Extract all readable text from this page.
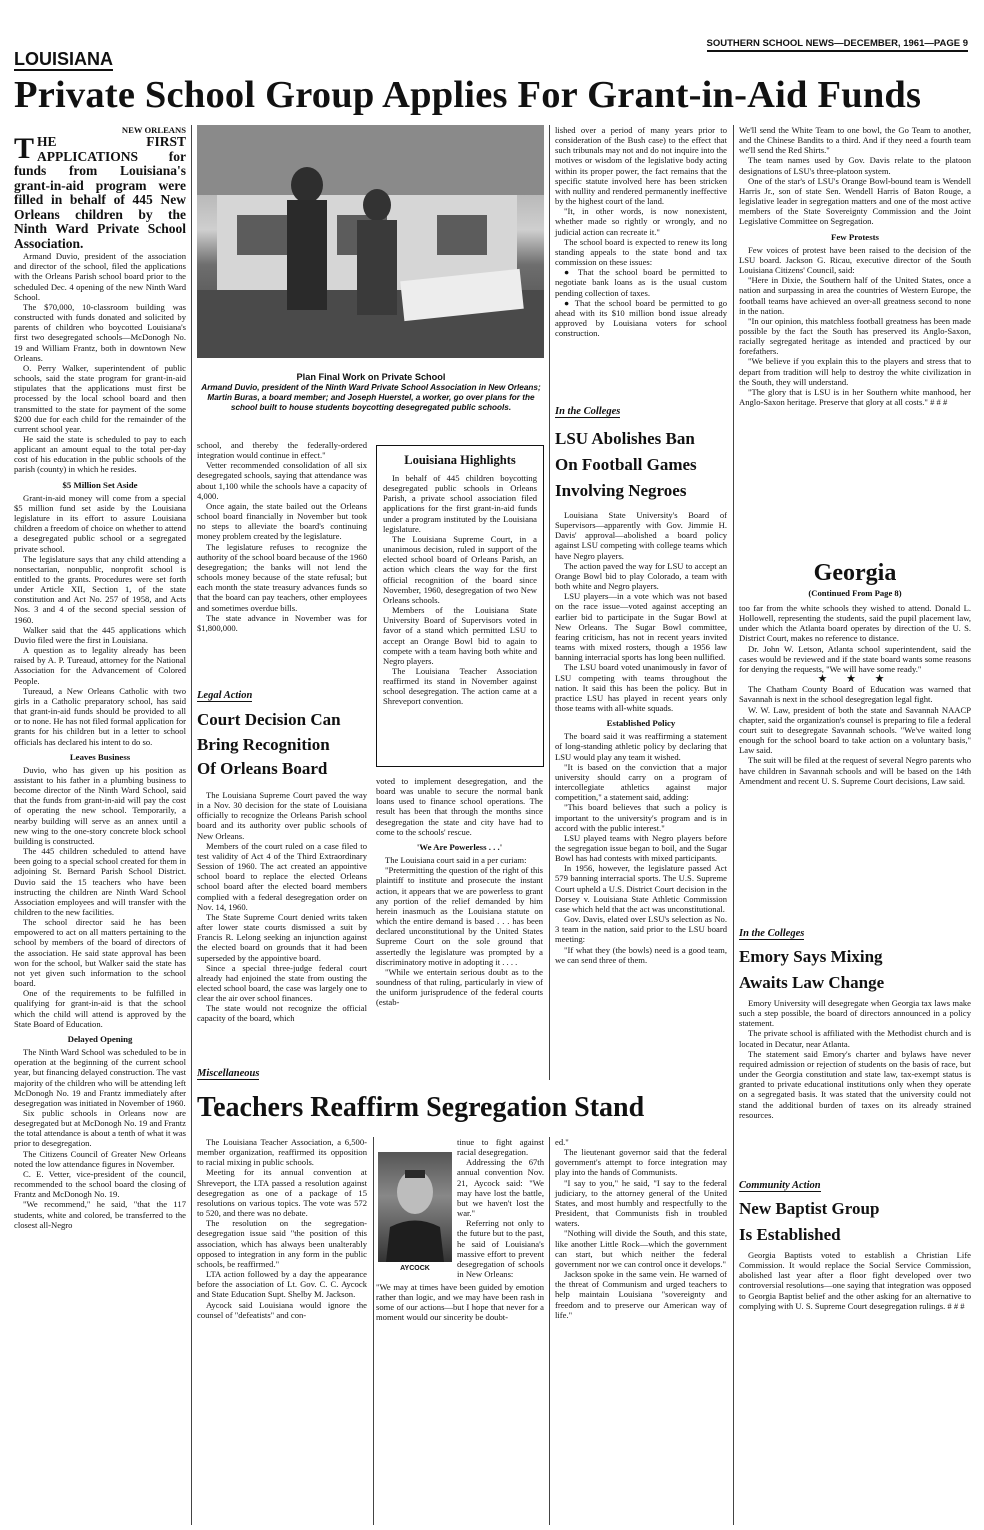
LOUISIANA
SOUTHERN SCHOOL NEWS—DECEMBER, 1961—PAGE 9
Private School Group Applies For Grant-in-Aid Funds
NEW ORLEANS
THE FIRST APPLICATIONS for funds from Louisiana's grant-in-aid program were filled in behalf of 445 New Orleans children by the Ninth Ward Private School Association.

Armand Duvio, president of the association and director of the school, filed the applications with the Orleans Parish school board prior to the scheduled Dec. 4 opening of the new Ninth Ward School.

The $70,000, 10-classroom building was constructed with funds donated and solicited by parents of children who boycotted Louisiana's first two desegregated schools—McDonogh No. 19 and William Frantz, both in downtown New Orleans.

O. Perry Walker, superintendent of public schools, said the state program for grant-in-aid stipulates that the applications must first be processed by the local school board and then transmitted to the state for payment of the some $200 due for each child for the remainder of the current school year.

He said the state is scheduled to pay to each applicant an amount equal to the total per-day cost of his education in the public schools of the parish (county) in which he resides.

$5 Million Set Aside

Grant-in-aid money will come from a special $5 million fund set aside by the Louisiana legislature in its effort to assure Louisiana children a freedom of choice on whether to attend a desegregated public school or a segregated private school.

The legislature says that any child attending a nonsectarian, nonpublic, nonprofit school is entitled to the grants. Procedures were set forth under Article XII, Section 1, of the state constitution and Act No. 257 of 1958, and Acts Nos. 3 and 4 of the second special session of 1960.

Walker said that the 445 applications which Duvio filed were the first in Louisiana.

A question as to legality already has been raised by A. P. Tureaud, attorney for the National Association for the Advancement of Colored People.

Tureaud, a New Orleans Catholic with two girls in a Catholic preparatory school, has said that grant-in-aid funds should be provided to all or to none. He has not filed formal application for grants for his children but in a letter to school officials has declared his intent to do so.

Leaves Business

Duvio, who has given up his position as assistant to his father in a plumbing business to become director of the Ninth Ward School, said that the funds from grant-in-aid will pay the cost of operating the new school. Temporarily, a nearby building will serve as an annex until a new wing to the one-story concrete block school building is constructed.

The 445 children scheduled to attend have been going to a special school created for them in adjoining St. Bernard Parish School District. Duvio said the 15 teachers who have been instructing the children are Ninth Ward School Association employees and will transfer with the children to the new facilities.

The school director said he has been empowered to act on all matters pertaining to the school by members of the board of directors of the association. He said state approval has been won for the school, but Walker said the state has not yet given such information to the school board.

One of the requirements to be fulfilled in qualifying for grant-in-aid is that the school which the child will attend is approved by the State Board of Education.

Delayed Opening

The Ninth Ward School was scheduled to be in operation at the beginning of the current school year, but financing delayed construction. The vast majority of the children who will be attending left McDonogh No. 19 and Frantz immediately after desegregation was initiated in November of 1960.

Six public schools in Orleans now are desegregated but at McDonogh No. 19 and Frantz the total attendance is about a tenth of what it was prior to desegregation.

The Citizens Council of Greater New Orleans noted the low attendance figures in November.

C. E. Vetter, vice-president of the council, recommended to the school board the closing of Frantz and McDonogh No. 19.

"We recommend," he said, "that the 117 students, white and colored, be transferred to the closest all-Negro

Plan Final Work on Private School
Armand Duvio, president of the Ninth Ward Private School Association in New Orleans; Martin Buras, a board member; and Joseph Huerstel, a worker, go over plans for the school built to house students boycotting desegregated public schools.

school, and thereby the federally-ordered integration would continue in effect."

Vetter recommended consolidation of all six desegregated schools, saying that attendance was about 1,100 while the schools have a capacity of 4,000.

Once again, the state bailed out the Orleans school board financially in November but took no steps to alleviate the board's continuing money problem created by the legislature.

The legislature refuses to recognize the authority of the school board because of the 1960 desegregation; the banks will not lend the schools money because of the state refusal; but each month the state treasury advances funds so that the board can pay teachers, other employees and sometimes overdue bills.

The state advance in November was for $1,800,000.

Legal Action
Court Decision Can
Bring Recognition
Of Orleans Board

The Louisiana Supreme Court paved the way in a Nov. 30 decision for the state of Louisiana officially to recognize the Orleans Parish school board and its authority over public schools of New Orleans.

Members of the court ruled on a case filed to test validity of Act 4 of the Third Extraordinary Session of 1960. The act created an appointive school board to replace the elected Orleans school board after the elected board members complied with a federal desegregation order on Nov. 14, 1960.

The State Supreme Court denied writs taken after lower state courts dismissed a suit by Francis R. Lelong seeking an injunction against the elected board on grounds that it had been superseded by the appointive board.

Since a special three-judge federal court already had enjoined the state from ousting the elected school board, the case was largely one to clear the air over school finances.

The state would not recognize the official capacity of the board, which

Louisiana Highlights

In behalf of 445 children boycotting desegregated public schools in Orleans Parish, a private school association filed applications for the first grant-in-aid funds under a program instituted by the Louisiana legislature.

The Louisiana Supreme Court, in a unanimous decision, ruled in support of the elected school board of Orleans Parish, an action which clears the way for the first official recognition of the board since November, 1960, desegregation of two New Orleans schools.

Members of the Louisiana State University Board of Supervisors voted in favor of a stand which permitted LSU to accept an Orange Bowl bid to again to compete with a team having both white and Negro players.

The Louisiana Teacher Association reaffirmed its stand in November against school desegregation. The action came at a Shreveport convention.

voted to implement desegregation, and the board was unable to secure the normal bank loans used to finance school operations. The result has been that through the months since desegregation the state and city have had to come to the schools' rescue.

'We Are Powerless . . .'

The Louisiana court said in a per curiam:

"Pretermitting the question of the right of this plaintiff to institute and prosecute the instant action, it appears that we are powerless to grant any portion of the relief demanded by him herein inasmuch as the Louisiana statute on which the entire demand is based . . . has been declared unconstitutional by the United States Supreme Court on the sole ground that assertedly the legislature was prompted by a discriminatory motive in adopting it . . . .

"While we entertain serious doubt as to the soundness of that ruling, particularly in view of the uniform jurisprudence of the federal courts (estab-

lished over a period of many years prior to consideration of the Bush case) to the effect that such tribunals may not and do not inquire into the motives or wisdom of the legislative body acting within its proper power, the fact remains that the specific statute involved here has been stricken with nullity and rendered permanently ineffective by the highest court of the land.

"It, in other words, is now nonexistent, whether made so rightly or wrongly, and no judicial action can recreate it."

The school board is expected to renew its long standing appeals to the state bond and tax commission on these issues:

● That the school board be permitted to negotiate bank loans as is the usual custom pending collection of taxes.

● That the school board be permitted to go ahead with its $10 million bond issue already approved by Louisiana voters for school construction.

In the Colleges
LSU Abolishes Ban
On Football Games
Involving Negroes

Louisiana State University's Board of Supervisors—apparently with Gov. Jimmie H. Davis' approval—abolished a board policy against LSU competing with college teams which have Negro players.

The action paved the way for LSU to accept an Orange Bowl bid to play Colorado, a team with both white and Negro players.

LSU players—in a vote which was not based on the race issue—voted against accepting an earlier bid to participate in the Sugar Bowl at New Orleans. The Sugar Bowl committee, fearing criticism, has not in recent years invited teams with mixed rosters, though a 1956 law banning interracial sports has long been nullified.

The LSU board voted unanimously in favor of LSU competing with teams throughout the nation. It said this has been the policy. But in practice LSU has played in recent years only those teams with all-white squads.

Established Policy

The board said it was reaffirming a statement of long-standing athletic policy by declaring that LSU would play any team it wished.

"It is based on the conviction that a major university should carry on a program of intercollegiate athletics against major competition," a statement said, adding:

"This board believes that such a policy is important to the university's program and is in accord with the public interest."

LSU played teams with Negro players before the segregation issue began to boil, and the Sugar Bowl has had contests with mixed participants.

In 1956, however, the legislature passed Act 579 banning interracial sports. The U.S. Supreme Court upheld a U.S. District Court decision in the Dorsey v. Louisiana State Athletic Commission case which held that the act was unconstitutional.

Gov. Davis, elated over LSU's selection as No. 3 team in the nation, said prior to the LSU board meeting:

"If what they (the bowls) need is a good team, we can send three of them.

We'll send the White Team to one bowl, the Go Team to another, and the Chinese Bandits to a third. And if they need a fourth team we'll send the Red Shirts."

The team names used by Gov. Davis relate to the platoon designations of LSU's three-platoon system.

One of the star's of LSU's Orange Bowl-bound team is Wendell Harris Jr., son of state Sen. Wendell Harris of Baton Rouge, a legislative leader in segregation matters and one of the most active members of the State Sovereignty Commission and the Joint Legislative Committee on Segregation.

Few Protests

Few voices of protest have been raised to the decision of the LSU board. Jackson G. Ricau, executive director of the South Louisiana Citizens' Council, said:

"Here in Dixie, the Southern half of the United States, once a nation and surpassing in area the countries of Western Europe, the football teams have achieved an over-all greatness second to none in the nation.

"In our opinion, this matchless football greatness has been made possible by the fact the South has preserved its Anglo-Saxon, racially segregated heritage as intended and practiced by our forefathers.

"We believe if you explain this to the players and stress that to depart from tradition will help to destroy the white civilization in the South, they will understand.

"The glory that is LSU is in her Southern white manhood, her Anglo-Saxon heritage. Preserve that glory at all costs." # # #

Georgia
(Continued From Page 8)

too far from the white schools they wished to attend. Donald L. Hollowell, representing the students, said the pupil placement law, under which the Atlanta board operates by direction of the U. S. District Court, makes no reference to distance.

Dr. John W. Letson, Atlanta school superintendent, said the cases would be reviewed and if the state board wants some reasons for denying the requests, "We will have some ready."

★ ★ ★

The Chatham County Board of Education was warned that Savannah is next in the school desegregation legal fight.

W. W. Law, president of both the state and Savannah NAACP chapter, said the organization's counsel is preparing to file a federal court suit to desegregate Savannah schools. "We've waited long enough for the school board to take action on a voluntary basis," Law said.

The suit will be filed at the request of several Negro parents who have children in Savannah schools and will be based on the 14th Amendment and recent U. S. Supreme Court decisions, Law said.

In the Colleges
Emory Says Mixing
Awaits Law Change

Emory University will desegregate when Georgia tax laws make such a step possible, the board of directors announced in a policy statement.

The private school is affiliated with the Methodist church and is located in Decatur, near Atlanta.

The statement said Emory's charter and bylaws have never required admission or rejection of students on the basis of race, but under the Georgia constitution and state law, tax-exempt status is granted to private educational institutions only when they operate on a segregated basis. It was stated that the university could not stand the additional burden of taxes on its already strained resources.

Community Action
New Baptist Group
Is Established

Georgia Baptists voted to establish a Christian Life Commission. It would replace the Social Service Commission, abolished last year after a floor fight developed over two controversial resolutions—one saying that integration was opposed to Georgia Baptist belief and the other asking for an alternative to complying with U. S. Supreme Court desegregation rulings. # # #

Miscellaneous
Teachers Reaffirm Segregation Stand

The Louisiana Teacher Association, a 6,500-member organization, reaffirmed its opposition to racial mixing in public schools.

Meeting for its annual convention at Shreveport, the LTA passed a resolution against desegregation as one of a package of 15 resolutions on various topics. The vote was 572 to 520, and there was no debate.

The resolution on the segregation-desegregation issue said "the position of this association, which has always been unalterably opposed to integration in any form in the public schools, be reaffirmed."

LTA action followed by a day the appearance before the association of Lt. Gov. C. C. Aycock and State Education Supt. Shelby M. Jackson.

Aycock said Louisiana would ignore the counsel of "defeatists" and con-

AYCOCK

tinue to fight against racial desegregation.

Addressing the 67th annual convention Nov. 21, Aycock said: "We may have lost the battle, but we haven't lost the war."

Referring not only to the future but to the past, he said of Louisiana's massive effort to prevent desegregation of schools in New Orleans:

"We may at times have been guided by emotion rather than logic, and we may have been rash in some of our actions—but I hope that never for a moment would our sincerity be doubt-

ed."

The lieutenant governor said that the federal government's attempt to force integration may play into the hands of Communists.

"I say to you," he said, "I say to the federal judiciary, to the attorney general of the United States, and most humbly and respectfully to the President, that Communists fish in troubled waters.

"Nothing will divide the South, and this state, like another Little Rock—which the government can start, but which neither the federal government nor we can control once it develops."

Jackson spoke in the same vein. He warned of the threat of Communism and urged teachers to help maintain Louisiana "sovereignty and freedom and to preserve our American way of life."
